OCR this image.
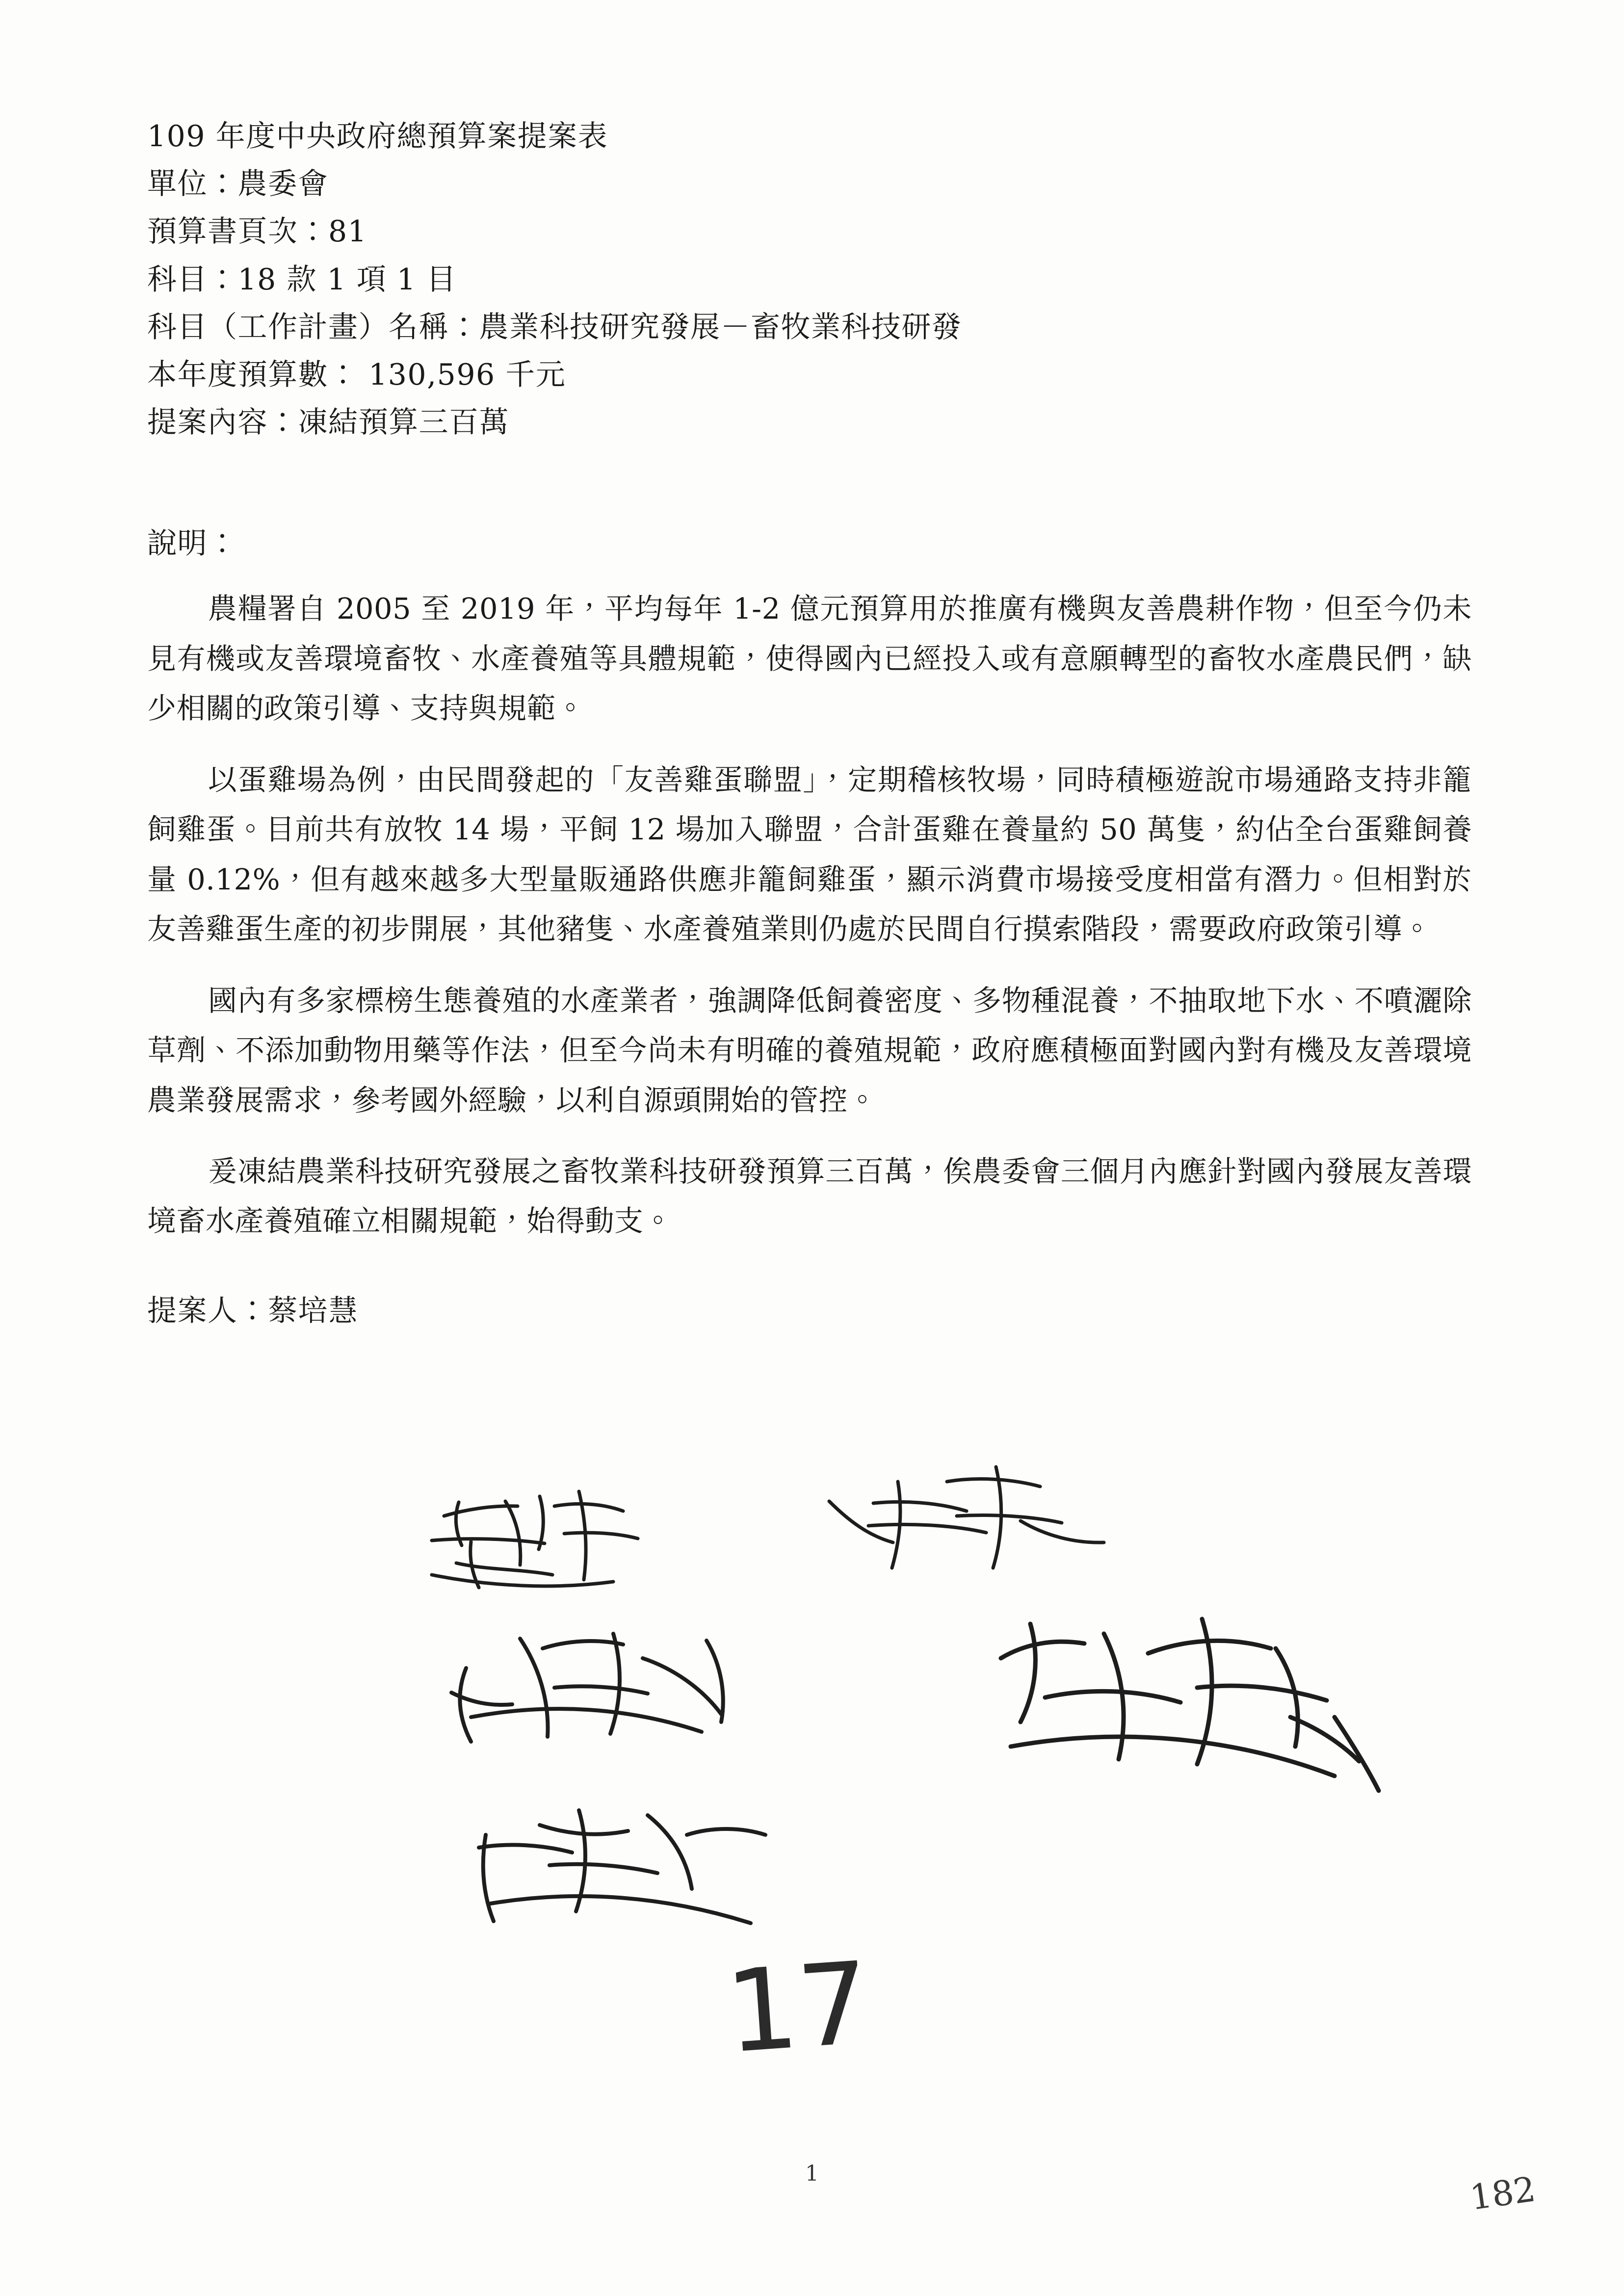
109 年度中央政府總預算案提案表
單位：農委會
預算書頁次：81
科目：18 款 1 項 1 目
科目（工作計畫）名稱：農業科技研究發展－畜牧業科技研發
本年度預算數： 130,596 千元
提案內容：凍結預算三百萬
說明：
農糧署自 2005 至 2019 年，平均每年 1-2 億元預算用於推廣有機與友善農耕作物，但至今仍未見有機或友善環境畜牧、水產養殖等具體規範，使得國內已經投入或有意願轉型的畜牧水產農民們，缺少相關的政策引導、支持與規範。
以蛋雞場為例，由民間發起的「友善雞蛋聯盟」，定期稽核牧場，同時積極遊說市場通路支持非籠飼雞蛋。目前共有放牧 14 場，平飼 12 場加入聯盟，合計蛋雞在養量約 50 萬隻，約佔全台蛋雞飼養量 0.12%，但有越來越多大型量販通路供應非籠飼雞蛋，顯示消費市場接受度相當有潛力。但相對於友善雞蛋生產的初步開展，其他豬隻、水產養殖業則仍處於民間自行摸索階段，需要政府政策引導。
國內有多家標榜生態養殖的水產業者，強調降低飼養密度、多物種混養，不抽取地下水、不噴灑除草劑、不添加動物用藥等作法，但至今尚未有明確的養殖規範，政府應積極面對國內對有機及友善環境農業發展需求，參考國外經驗，以利自源頭開始的管控。
爰凍結農業科技研究發展之畜牧業科技研發預算三百萬，俟農委會三個月內應針對國內發展友善環境畜水產養殖確立相關規範，始得動支。
提案人：蔡培慧
17
1	182
